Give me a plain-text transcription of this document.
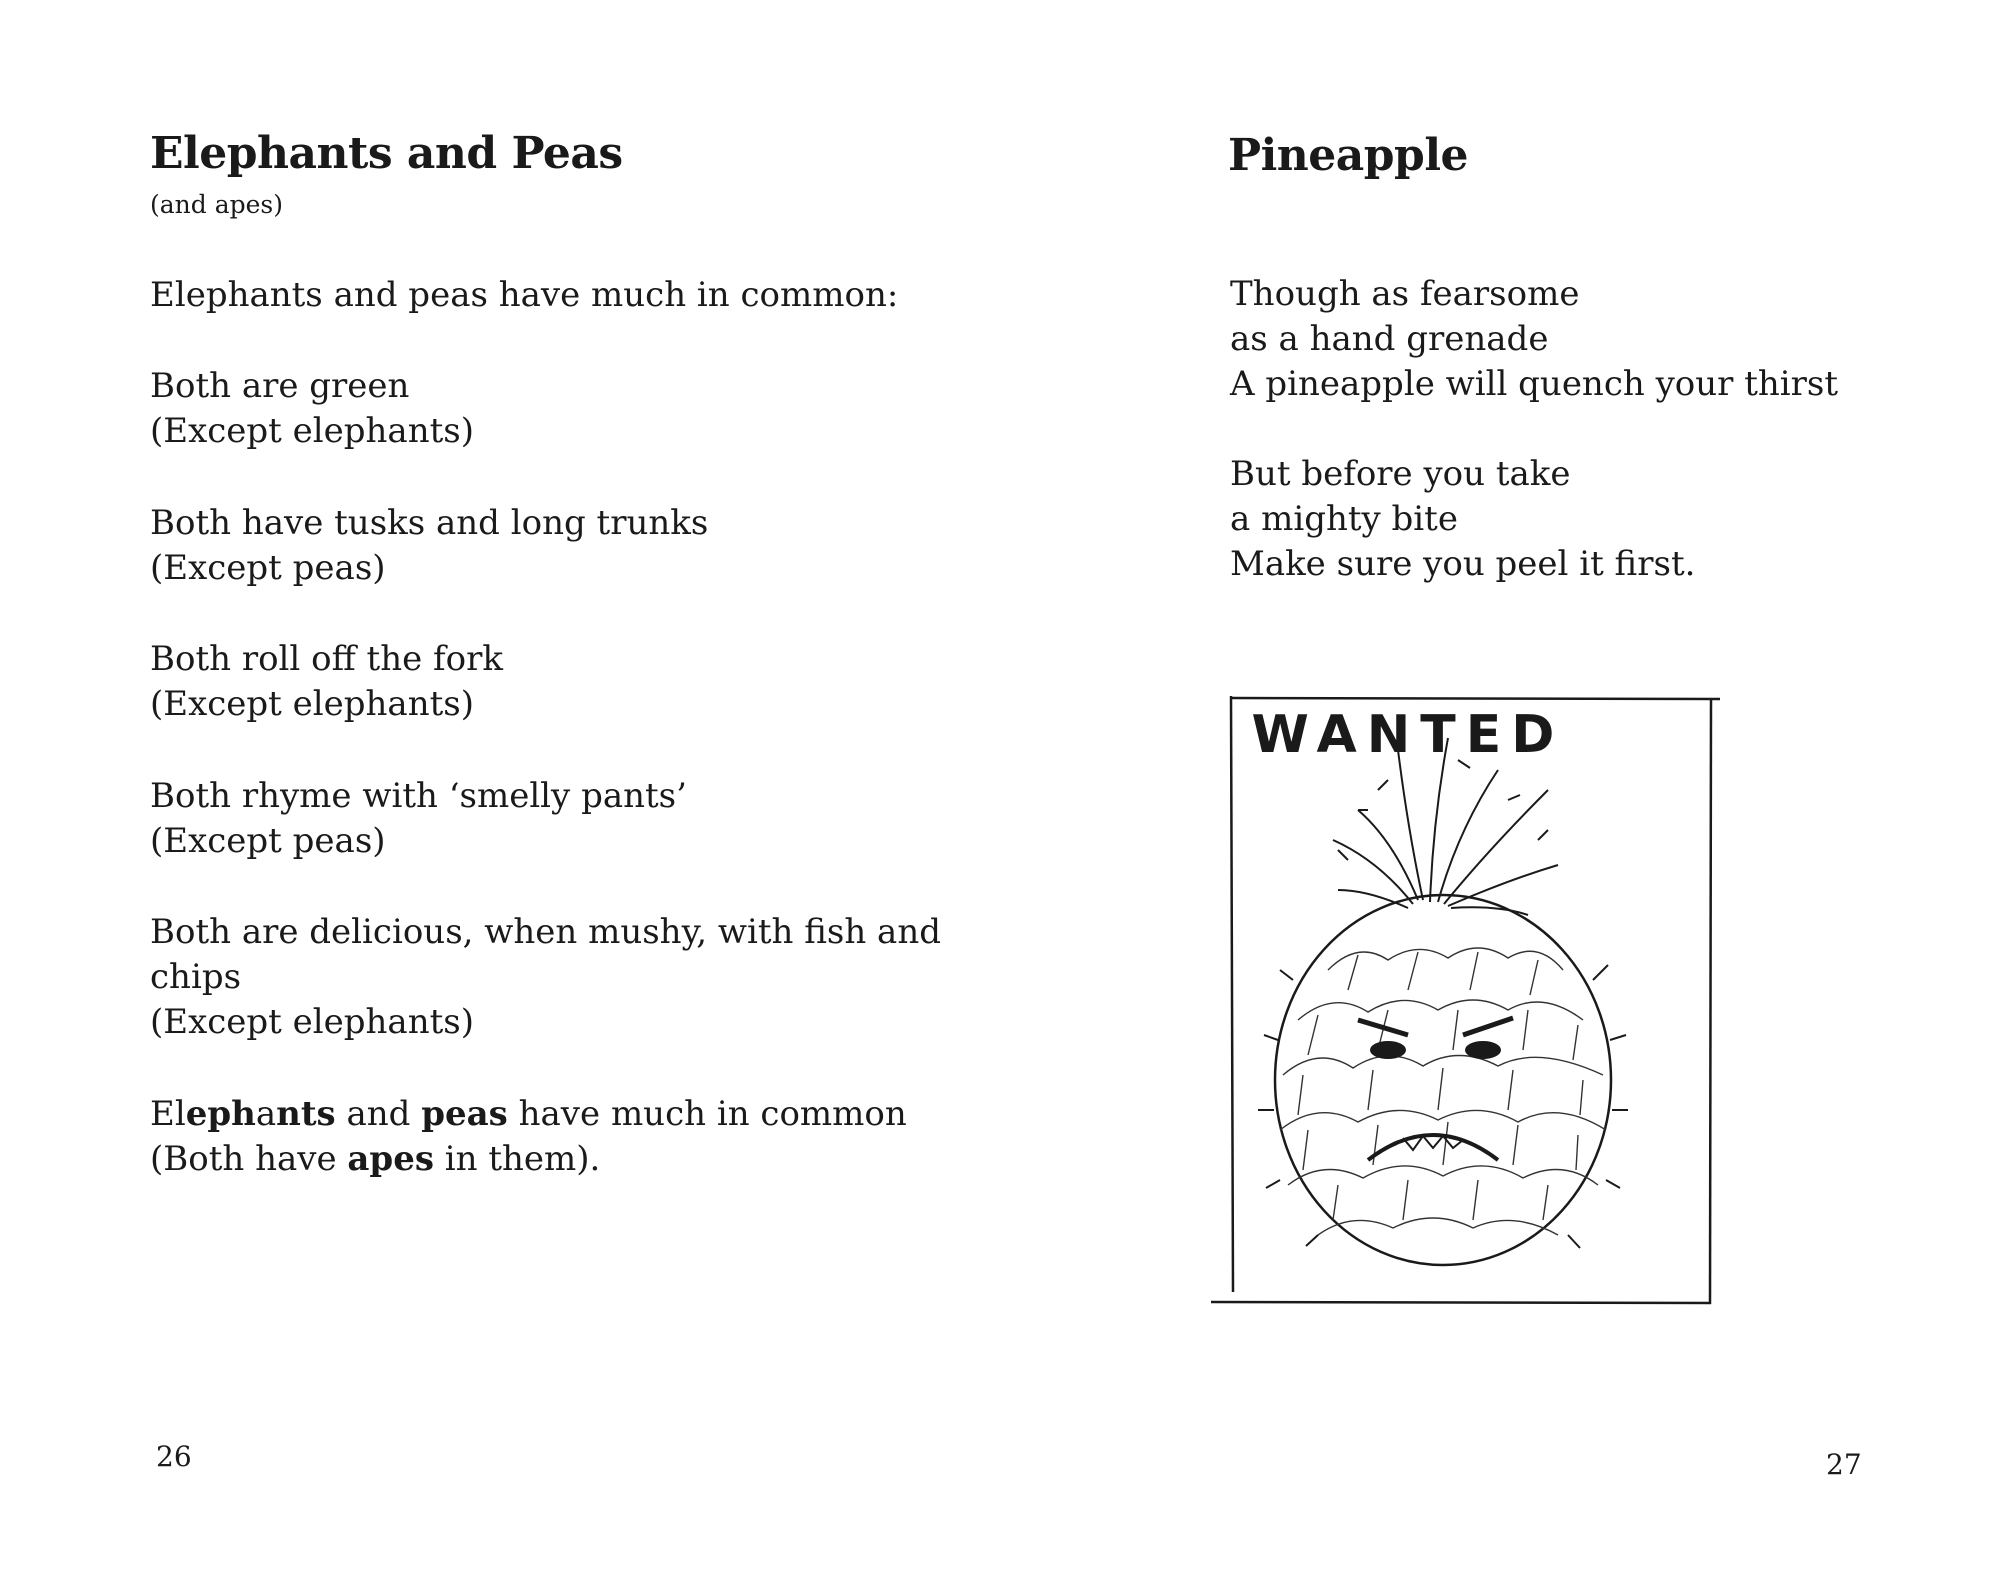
Elephants and Peas
(and apes)
Elephants and peas have much in common:
Both are green
(Except elephants)
Both have tusks and long trunks
(Except peas)
Both roll off the fork
(Except elephants)
Both rhyme with ‘smelly pants’
(Except peas)
Both are delicious, when mushy, with fish and
chips
(Except elephants)
Elephants and peas have much in common
(Both have apes in them).
26
Pineapple
Though as fearsome
as a hand grenade
A pineapple will quench your thirst
But before you take
a mighty bite
Make sure you peel it first.
WANTED
27
